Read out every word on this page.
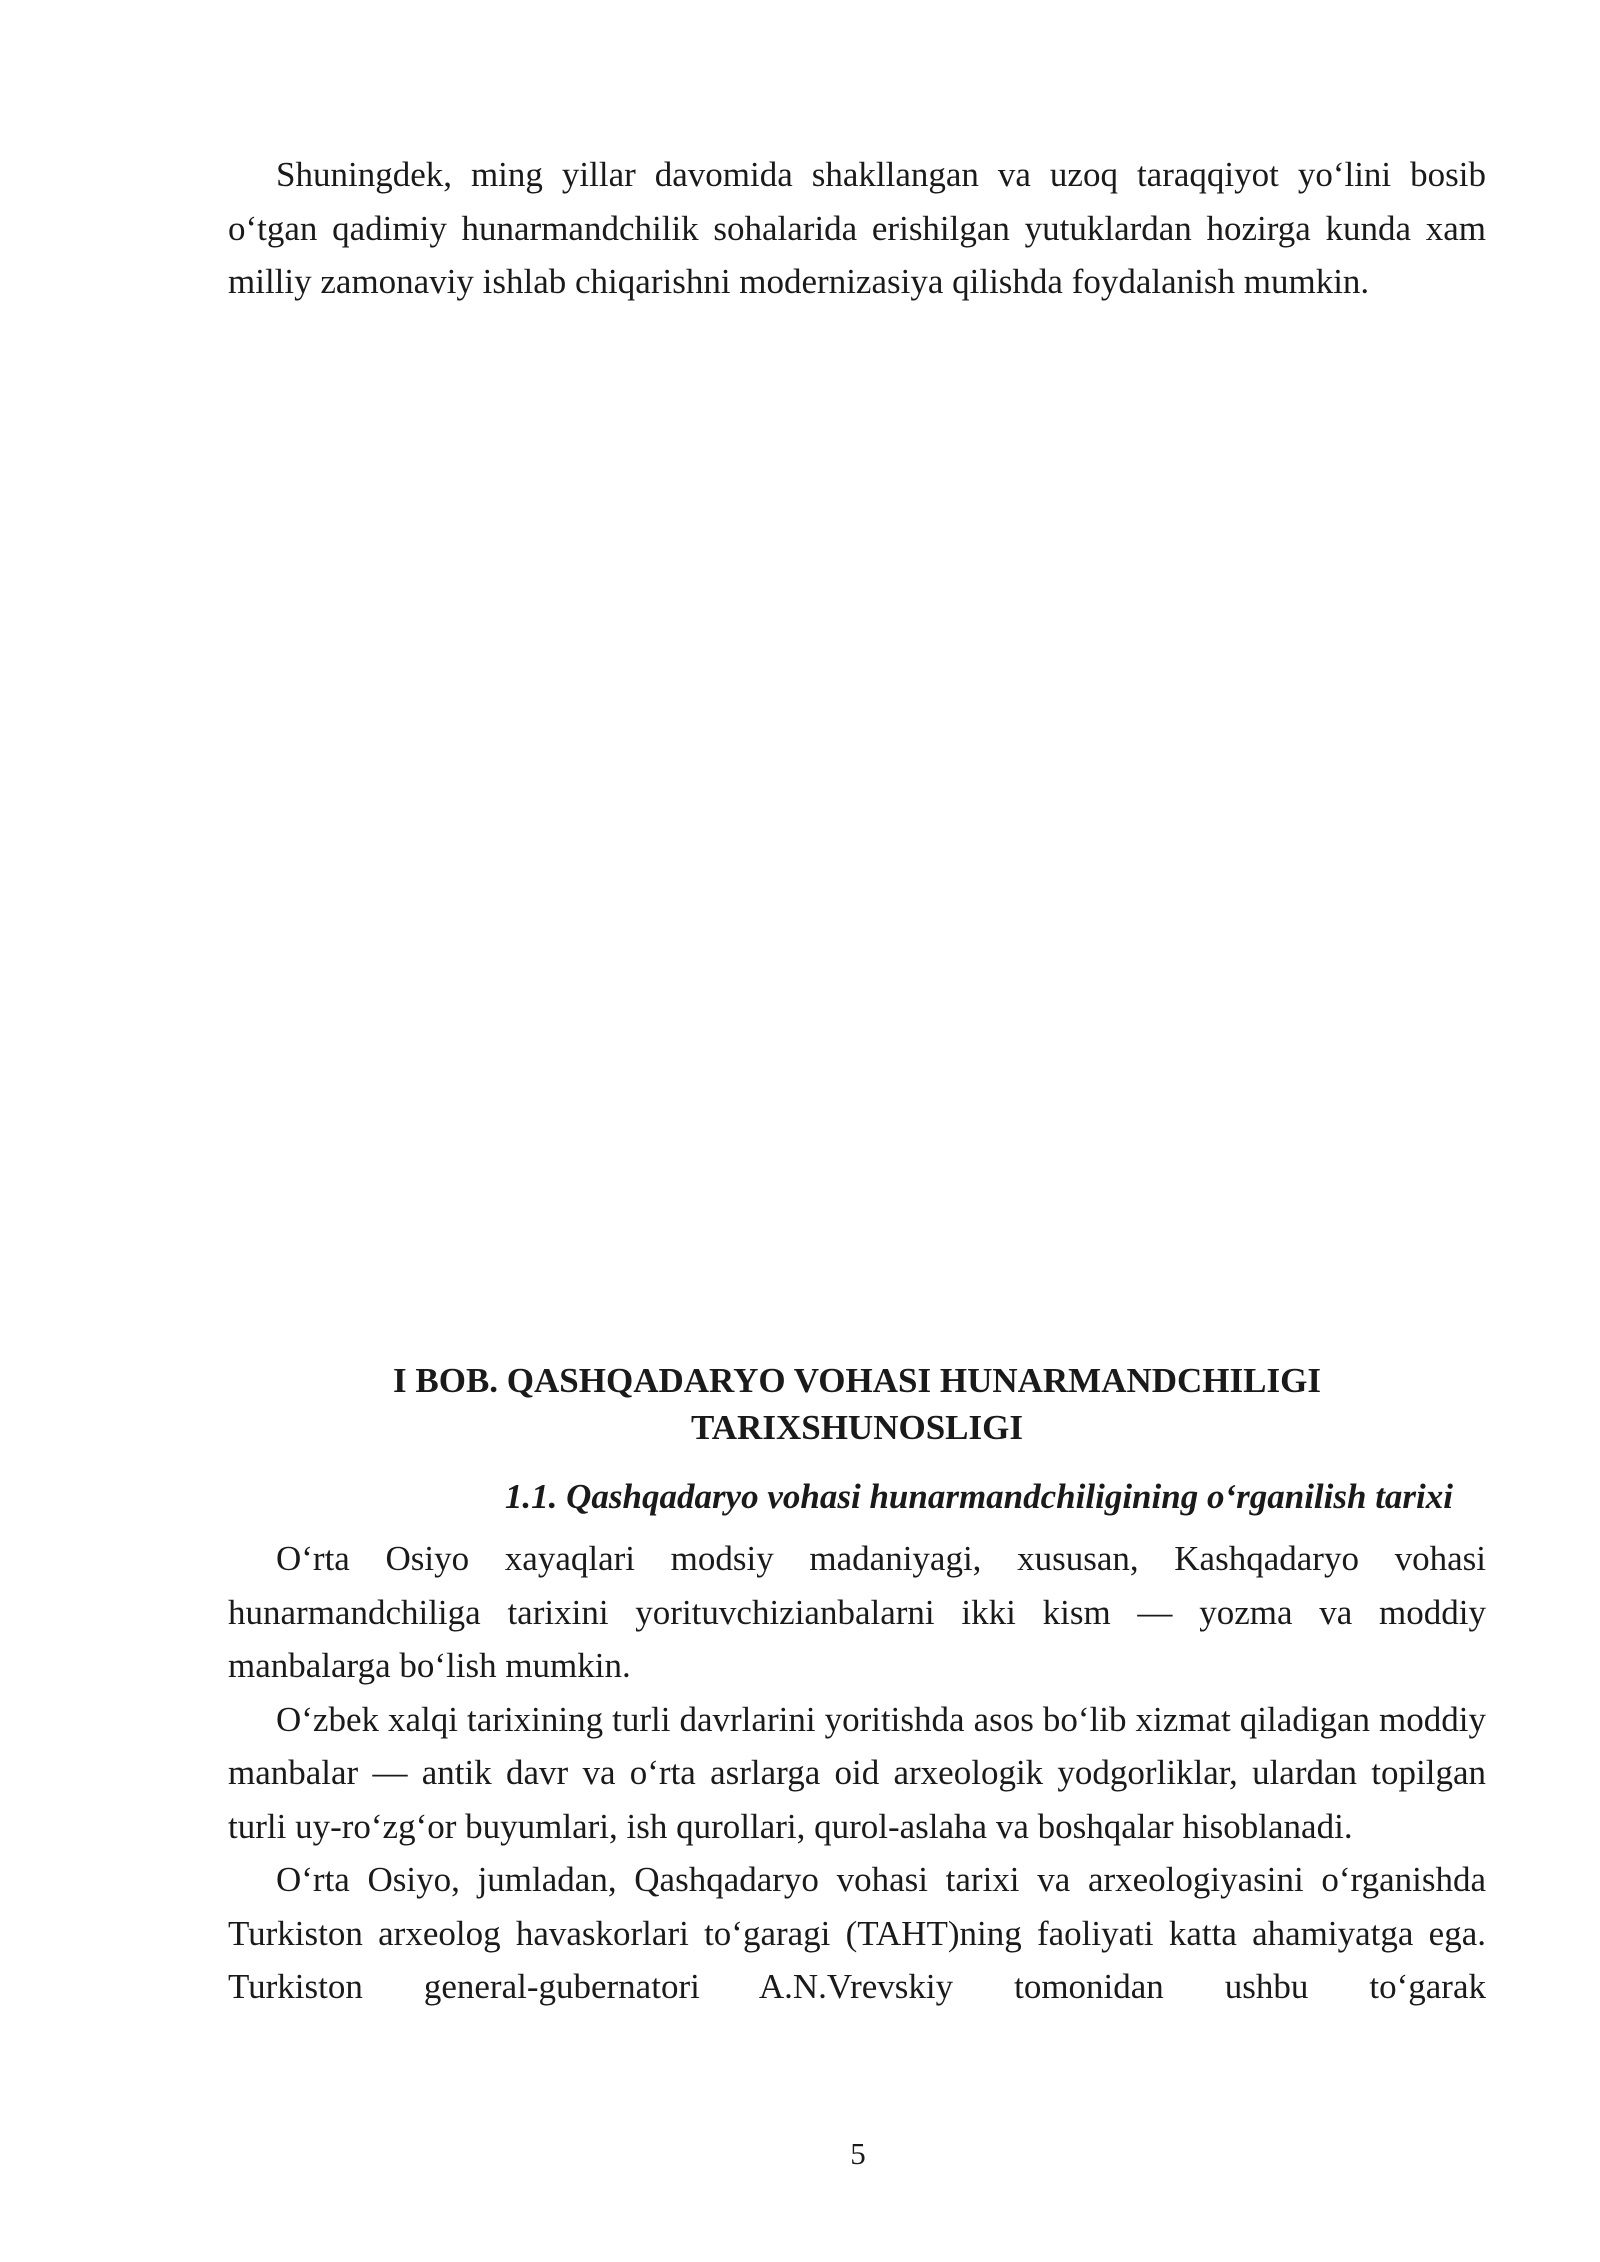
Shuningdek, ming yillar davomida shakllangan va uzoq taraqqiyot yo‘lini bosib o‘tgan qadimiy hunarmandchilik sohalarida erishilgan yutuklardan hozirga kunda xam milliy zamonaviy ishlab chiqarishni modernizasiya qilishda foydalanish mumkin.

I BOB. QASHQADARYO VOHASI HUNARMANDCHILIGI
TARIXSHUNOSLIGI
1.1. Qashqadaryo vohasi hunarmandchiligining o‘rganilish tarixi

O‘rta Osiyo xayaqlari modsiy madaniyagi, xususan, Kashqadaryo vohasi hunarmandchiliga tarixini yorituvchizianbalarni ikki kism — yozma va moddiy manbalarga bo‘lish mumkin.

O‘zbek xalqi tarixining turli davrlarini yoritishda asos bo‘lib xizmat qiladigan moddiy manbalar — antik davr va o‘rta asrlarga oid arxeologik yodgorliklar, ulardan topilgan turli uy-ro‘zg‘or buyumlari, ish qurollari, qurol-aslaha va boshqalar hisoblanadi.

O‘rta Osiyo, jumladan, Qashqadaryo vohasi tarixi va arxeologiyasini o‘rganishda Turkiston arxeolog havaskorlari to‘garagi (TAHT)ning faoliyati katta ahamiyatga ega. Turkiston general-gubernatori A.N.Vrevskiy tomonidan ushbu to‘garak

5
